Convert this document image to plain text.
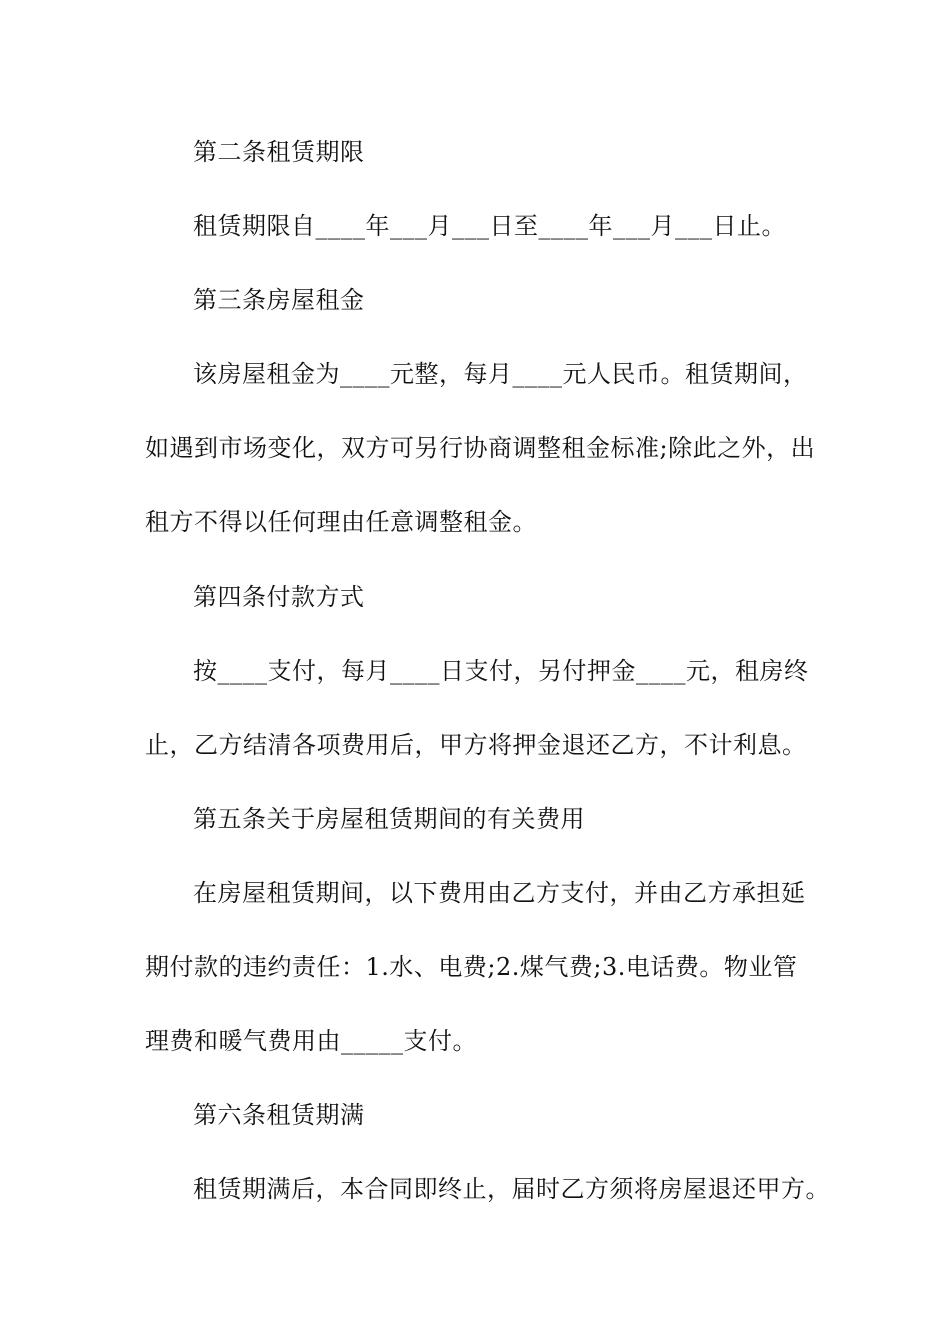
第二条租赁期限
租赁期限自____年___月___日至____年___月___日止。
第三条房屋租金
该房屋租金为____元整，每月____元人民币。租赁期间，
如遇到市场变化，双方可另行协商调整租金标准;除此之外，出
租方不得以任何理由任意调整租金。
第四条付款方式
按____支付，每月____日支付，另付押金____元，租房终
止，乙方结清各项费用后，甲方将押金退还乙方，不计利息。
第五条关于房屋租赁期间的有关费用
在房屋租赁期间，以下费用由乙方支付，并由乙方承担延
期付款的违约责任：1.水、电费;2.煤气费;3.电话费。物业管
理费和暖气费用由_____支付。
第六条租赁期满
租赁期满后，本合同即终止，届时乙方须将房屋退还甲方。
